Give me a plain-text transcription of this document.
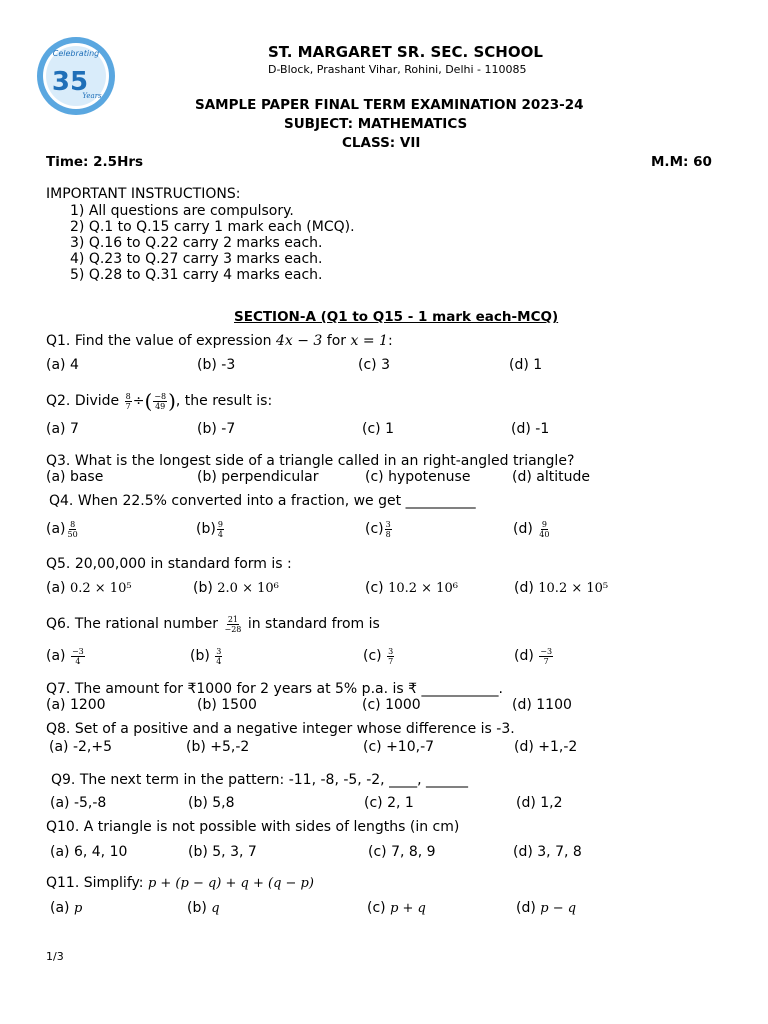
Celebrating
35
Years
ST. MARGARET SR. SEC. SCHOOL
D-Block, Prashant Vihar, Rohini, Delhi - 110085
SAMPLE PAPER FINAL TERM EXAMINATION 2023-24
SUBJECT: MATHEMATICS
CLASS: VII
Time: 2.5Hrs	M.M: 60
IMPORTANT INSTRUCTIONS:
1) All questions are compulsory.
2) Q.1 to Q.15 carry 1 mark each (MCQ).
3) Q.16 to Q.22 carry 2 marks each.
4) Q.23 to Q.27 carry 3 marks each.
5) Q.28 to Q.31 carry 4 marks each.
SECTION-A (Q1 to Q15 - 1 mark each-MCQ)
Q1. Find the value of expression 4x − 3 for x = 1:
(a) 4	(b) -3	(c) 3	(d) 1
Q2. Divide $\frac{8}{7}$ ÷( $\frac{-8}{49}$ ), the result is:
(a) 7	(b) -7	(c) 1	(d) -1
Q3. What is the longest side of a triangle called in an right-angled triangle?
(a) base	(b) perpendicular	(c) hypotenuse	(d) altitude
Q4. When 22.5% converted into a fraction, we get __________
$(a) \frac{8}{50}$	$(b) \frac{9}{4}$	$(c) \frac{3}{8}$	$(d) \frac{9}{40}$
Q5. 20,00,000 in standard form is :
(a) 0.2 × 10⁵	(b) 2.0 × 10⁶	(c) 10.2 × 10⁶	(d) 10.2 × 10⁵
Q6. The rational number $\frac{21}{-28}$ in standard from is
$(a) \frac{-3}{4}$	$(b) \frac{3}{4}$	$(c) \frac{3}{7}$	$(d) \frac{-3}{7}$
Q7. The amount for ₹1000 for 2 years at 5% p.a. is ₹ ___________.
(a) 1200	(b) 1500	(c) 1000	(d) 1100
Q8. Set of a positive and a negative integer whose difference is -3.
(a) -2,+5	(b) +5,-2	(c) +10,-7	(d) +1,-2
Q9. The next term in the pattern: -11, -8, -5, -2, ____, ______
(a) -5,-8	(b) 5,8	(c) 2, 1	(d) 1,2
Q10. A triangle is not possible with sides of lengths (in cm)
(a) 6, 4, 10	(b) 5, 3, 7	(c) 7, 8, 9	(d) 3, 7, 8
Q11. Simplify: p + (p − q) + q + (q − p)
(a) p	(b) q	(c) p + q	(d) p − q
1/3
